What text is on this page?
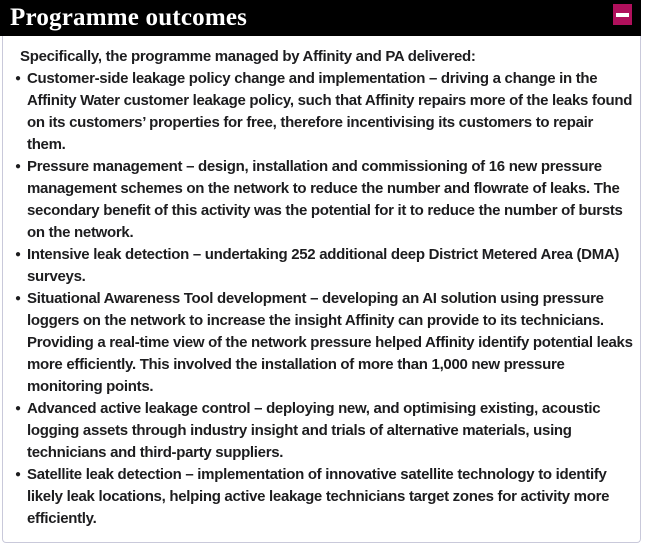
Programme outcomes

Specifically, the programme managed by Affinity and PA delivered:

● Customer-side leakage policy change and implementation – driving a change in the Affinity Water customer leakage policy, such that Affinity repairs more of the leaks found on its customers’ properties for free, therefore incentivising its customers to repair them.
● Pressure management – design, installation and commissioning of 16 new pressure management schemes on the network to reduce the number and flowrate of leaks. The secondary benefit of this activity was the potential for it to reduce the number of bursts on the network.
● Intensive leak detection – undertaking 252 additional deep District Metered Area (DMA) surveys.
● Situational Awareness Tool development – developing an AI solution using pressure loggers on the network to increase the insight Affinity can provide to its technicians. Providing a real-time view of the network pressure helped Affinity identify potential leaks more efficiently. This involved the installation of more than 1,000 new pressure monitoring points.
● Advanced active leakage control – deploying new, and optimising existing, acoustic logging assets through industry insight and trials of alternative materials, using technicians and third-party suppliers.
● Satellite leak detection – implementation of innovative satellite technology to identify likely leak locations, helping active leakage technicians target zones for activity more efficiently.
